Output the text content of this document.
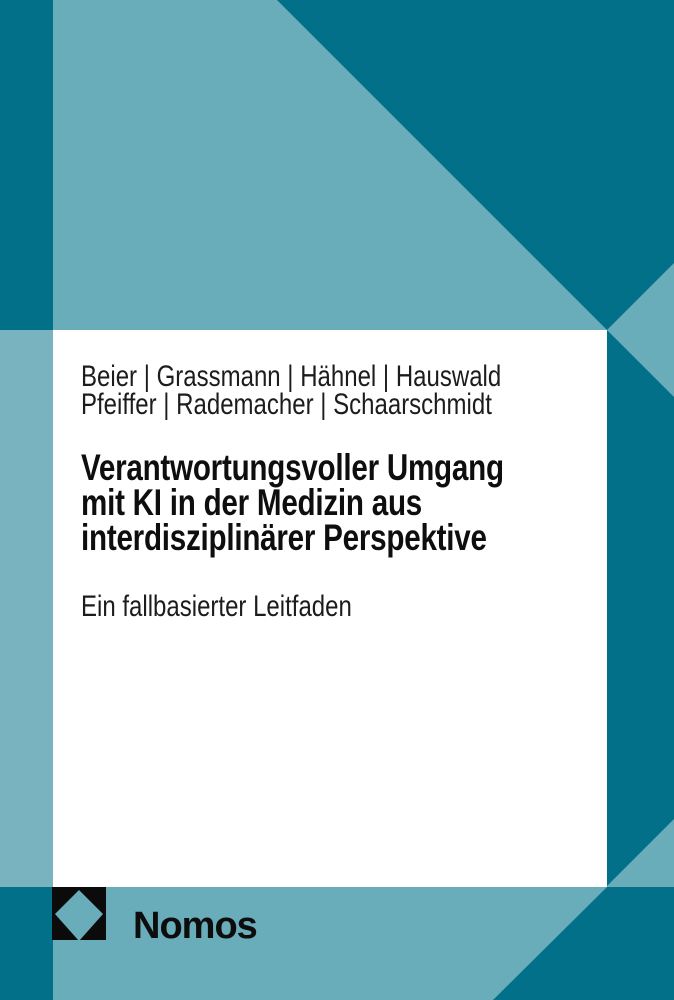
Beier | Grassmann | Hähnel | Hauswald
Pfeiffer | Rademacher | Schaarschmidt
Verantwortungsvoller Umgang
mit KI in der Medizin aus
interdisziplinärer Perspektive
Ein fallbasierter Leitfaden
Nomos
